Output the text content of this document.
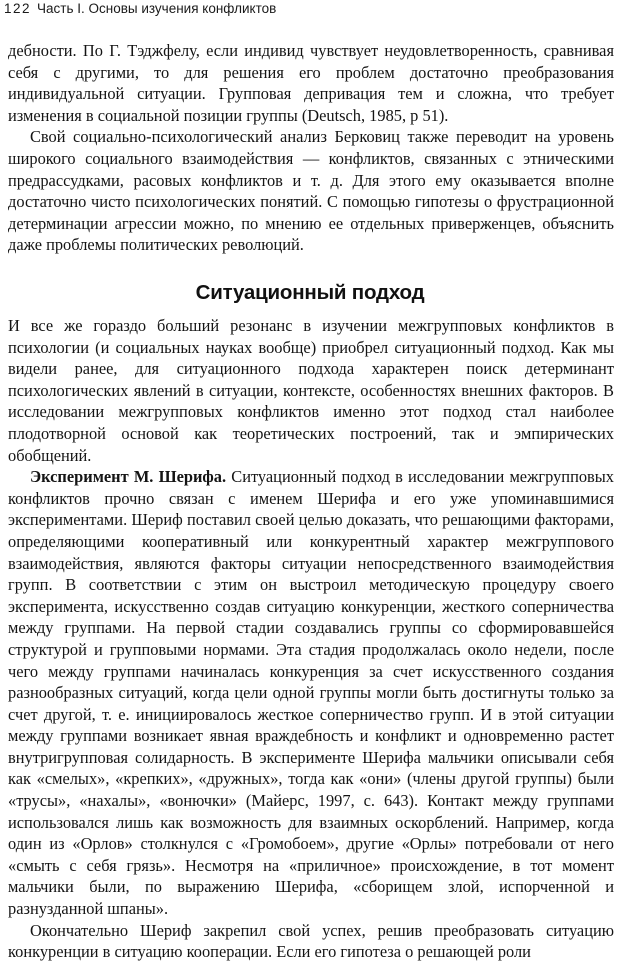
122 Часть I. Основы изучения конфликтов

дебности. По Г. Тэджфелу, если индивид чувствует неудовлетворенность, сравнивая себя с другими, то для решения его проблем достаточно преобразования индивидуальной ситуации. Групповая депривация тем и сложна, что требует изменения в социальной позиции группы (Deutsch, 1985, p 51).

Свой социально-психологический анализ Берковиц также переводит на уровень широкого социального взаимодействия — конфликтов, связанных с этническими предрассудками, расовых конфликтов и т. д. Для этого ему оказывается вполне достаточно чисто психологических понятий. С помощью гипотезы о фрустрационной детерминации агрессии можно, по мнению ее отдельных приверженцев, объяснить даже проблемы политических революций.

Ситуационный подход

И все же гораздо больший резонанс в изучении межгрупповых конфликтов в психологии (и социальных науках вообще) приобрел ситуационный подход. Как мы видели ранее, для ситуационного подхода характерен поиск детерминант психологических явлений в ситуации, контексте, особенностях внешних факторов. В исследовании межгрупповых конфликтов именно этот подход стал наиболее плодотворной основой как теоретических построений, так и эмпирических обобщений.

Эксперимент М. Шерифа. Ситуационный подход в исследовании межгрупповых конфликтов прочно связан с именем Шерифа и его уже упоминавшимися экспериментами. Шериф поставил своей целью доказать, что решающими факторами, определяющими кооперативный или конкурентный характер межгруппового взаимодействия, являются факторы ситуации непосредственного взаимодействия групп. В соответствии с этим он выстроил методическую процедуру своего эксперимента, искусственно создав ситуацию конкуренции, жесткого соперничества между группами. На первой стадии создавались группы со сформировавшейся структурой и групповыми нормами. Эта стадия продолжалась около недели, после чего между группами начиналась конкуренция за счет искусственного создания разнообразных ситуаций, когда цели одной группы могли быть достигнуты только за счет другой, т. е. инициировалось жесткое соперничество групп. И в этой ситуации между группами возникает явная враждебность и конфликт и одновременно растет внутригрупповая солидарность. В эксперименте Шерифа мальчики описывали себя как «смелых», «крепких», «дружных», тогда как «они» (члены другой группы) были «трусы», «нахалы», «вонючки» (Майерс, 1997, с. 643). Контакт между группами использовался лишь как возможность для взаимных оскорблений. Например, когда один из «Орлов» столкнулся с «Громобоем», другие «Орлы» потребовали от него «смыть с себя грязь». Несмотря на «приличное» происхождение, в тот момент мальчики были, по выражению Шерифа, «сборищем злой, испорченной и разнузданной шпаны».

Окончательно Шериф закрепил свой успех, решив преобразовать ситуацию конкуренции в ситуацию кооперации. Если его гипотеза о решающей роли
